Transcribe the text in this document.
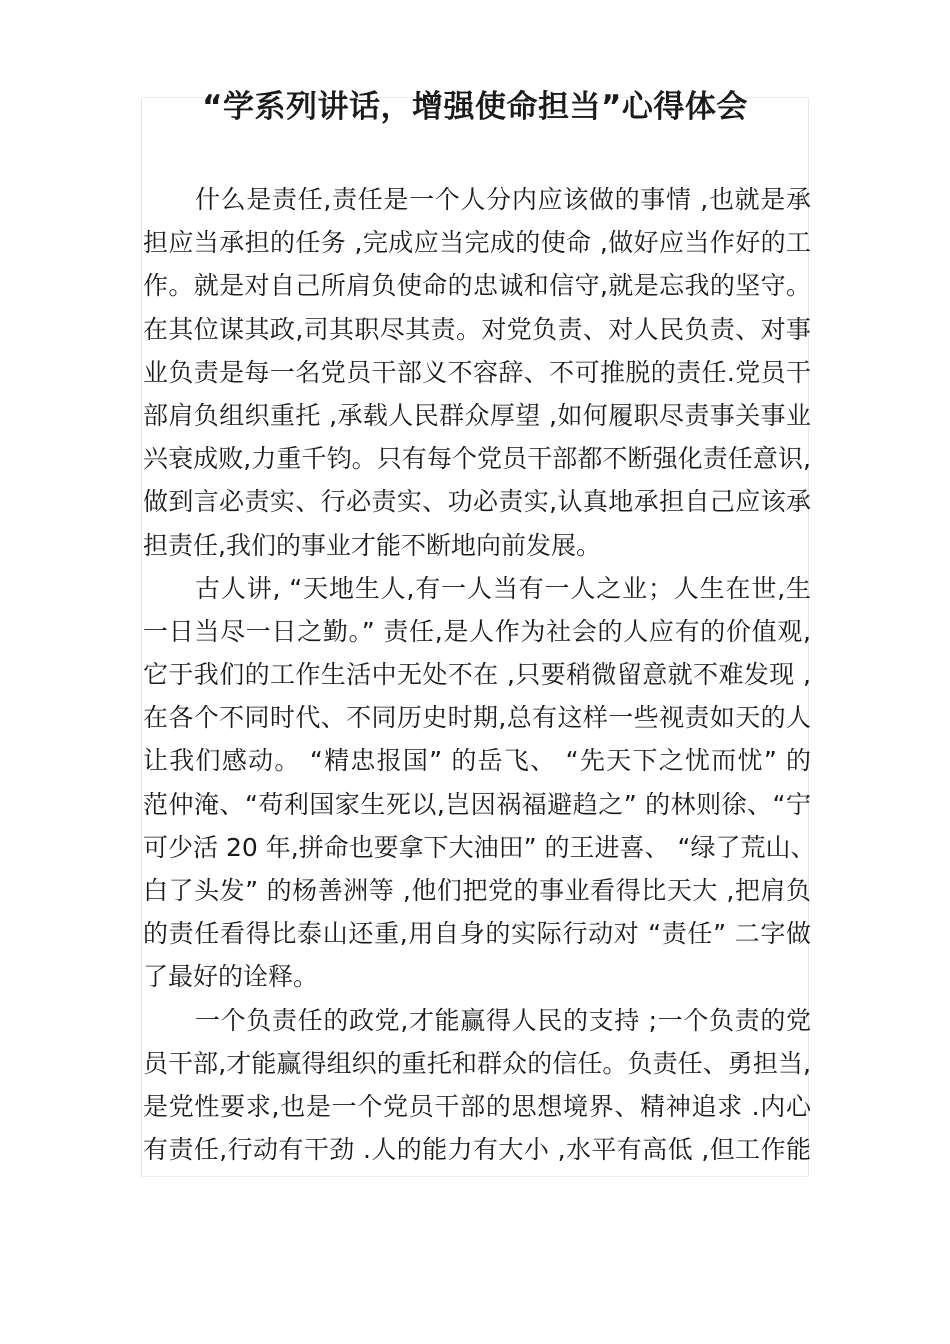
“学系列讲话，增强使命担当”心得体会
什么是责任,责任是一个人分内应该做的事情 ,也就是承
担应当承担的任务 ,完成应当完成的使命 ,做好应当作好的工
作。就是对自己所肩负使命的忠诚和信守,就是忘我的坚守。
在其位谋其政,司其职尽其责。对党负责、对人民负责、对事
业负责是每一名党员干部义不容辞、不可推脱的责任.党员干
部肩负组织重托 ,承载人民群众厚望 ,如何履职尽责事关事业
兴衰成败,力重千钧。只有每个党员干部都不断强化责任意识,
做到言必责实、行必责实、功必责实,认真地承担自己应该承
担责任,我们的事业才能不断地向前发展。
古人讲, “天地生人,有一人当有一人之业；人生在世,生
一日当尽一日之勤。” 责任,是人作为社会的人应有的价值观,
它于我们的工作生活中无处不在 ,只要稍微留意就不难发现 ,
在各个不同时代、不同历史时期,总有这样一些视责如天的人
让我们感动。 “精忠报国” 的岳飞、 “先天下之忧而忧” 的
范仲淹、“苟利国家生死以,岂因祸福避趋之” 的林则徐、“宁
可少活 20 年,拼命也要拿下大油田” 的王进喜、 “绿了荒山、
白了头发” 的杨善洲等 ,他们把党的事业看得比天大 ,把肩负
的责任看得比泰山还重,用自身的实际行动对 “责任” 二字做
了最好的诠释。
一个负责任的政党,才能赢得人民的支持 ;一个负责的党
员干部,才能赢得组织的重托和群众的信任。负责任、勇担当,
是党性要求,也是一个党员干部的思想境界、精神追求 .内心
有责任,行动有干劲 .人的能力有大小 ,水平有高低 ,但工作能
